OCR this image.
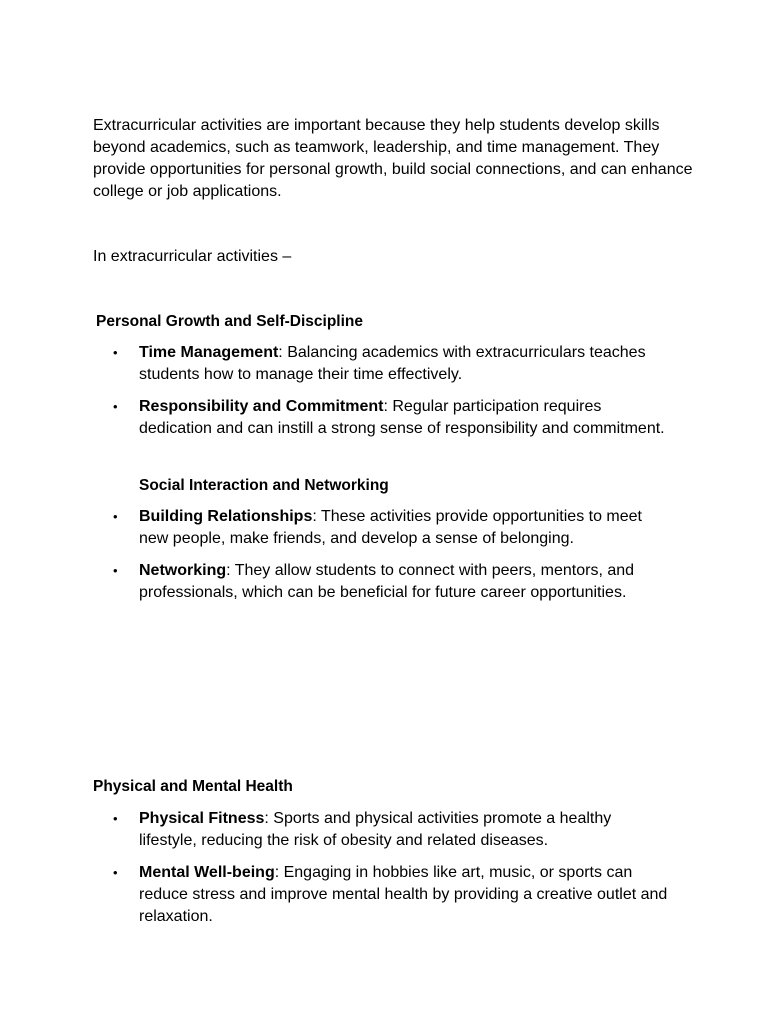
Extracurricular activities are important because they help students develop skills beyond academics, such as teamwork, leadership, and time management. They provide opportunities for personal growth, build social connections, and can enhance college or job applications.

In extracurricular activities –

Personal Growth and Self-Discipline
• Time Management: Balancing academics with extracurriculars teaches students how to manage their time effectively.
• Responsibility and Commitment: Regular participation requires dedication and can instill a strong sense of responsibility and commitment.
Social Interaction and Networking
• Building Relationships: These activities provide opportunities to meet new people, make friends, and develop a sense of belonging.
• Networking: They allow students to connect with peers, mentors, and professionals, which can be beneficial for future career opportunities.
Physical and Mental Health
• Physical Fitness: Sports and physical activities promote a healthy lifestyle, reducing the risk of obesity and related diseases.
• Mental Well-being: Engaging in hobbies like art, music, or sports can reduce stress and improve mental health by providing a creative outlet and relaxation.
